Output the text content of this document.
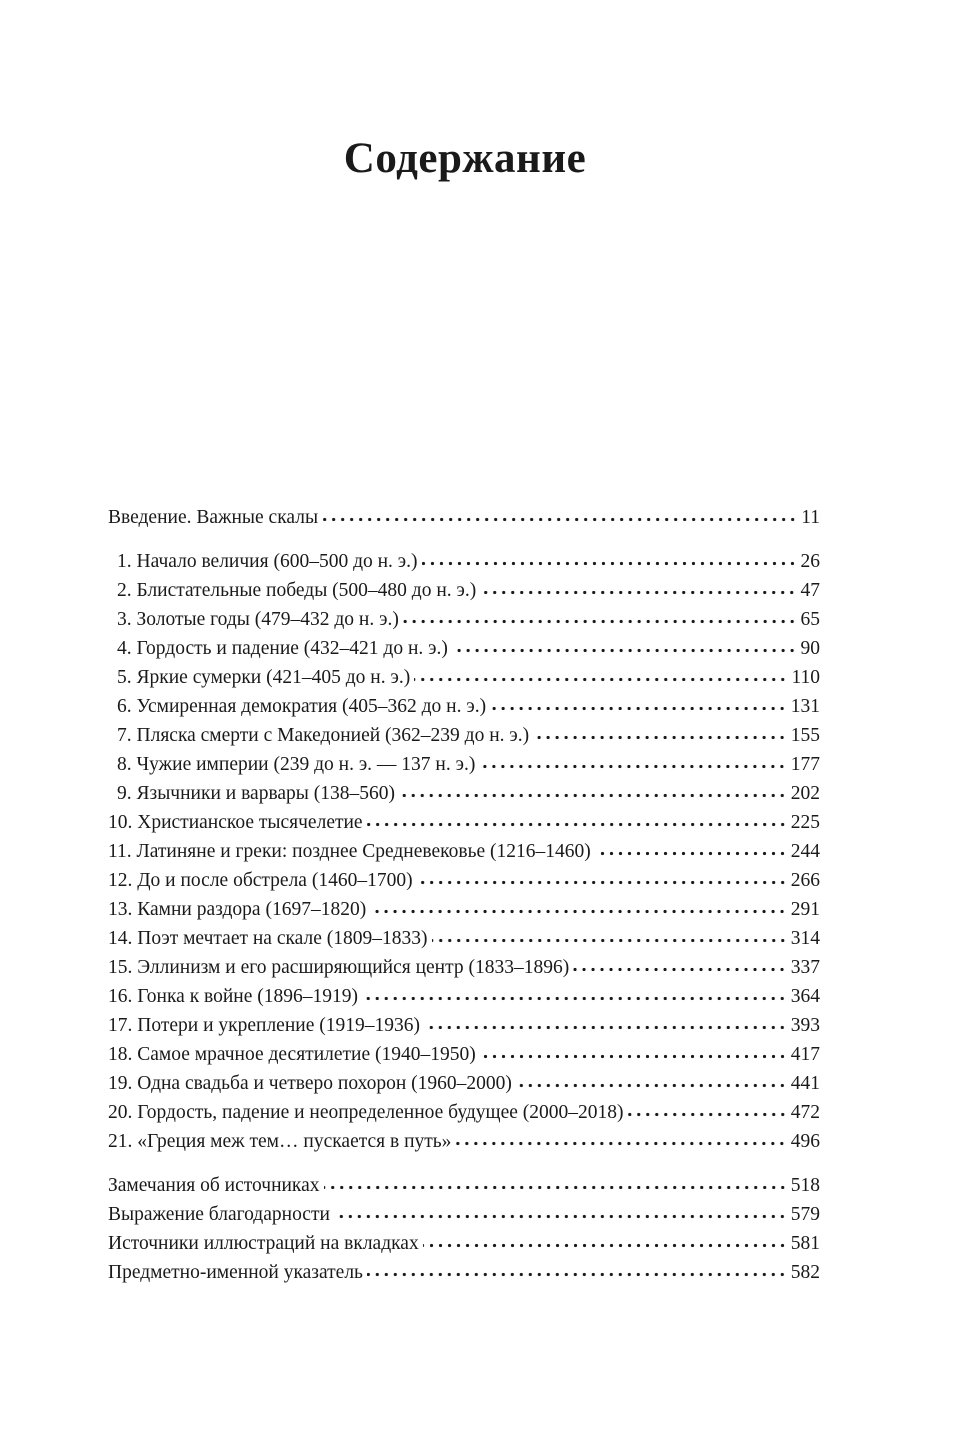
Содержание
Введение. Важные скалы	11
1. Начало величия (600–500 до н. э.)	26
2. Блистательные победы (500–480 до н. э.)	47
3. Золотые годы (479–432 до н. э.)	65
4. Гордость и падение (432–421 до н. э.)	90
5. Яркие сумерки (421–405 до н. э.)	110
6. Усмиренная демократия (405–362 до н. э.)	131
7. Пляска смерти с Македонией (362–239 до н. э.)	155
8. Чужие империи (239 до н. э. — 137 н. э.)	177
9. Язычники и варвары (138–560)	202
10. Христианское тысячелетие	225
11. Латиняне и греки: позднее Средневековье (1216–1460)	244
12. До и после обстрела (1460–1700)	266
13. Камни раздора (1697–1820)	291
14. Поэт мечтает на скале (1809–1833)	314
15. Эллинизм и его расширяющийся центр (1833–1896)	337
16. Гонка к войне (1896–1919)	364
17. Потери и укрепление (1919–1936)	393
18. Самое мрачное десятилетие (1940–1950)	417
19. Одна свадьба и четверо похорон (1960–2000)	441
20. Гордость, падение и неопределенное будущее (2000–2018)	472
21. «Греция меж тем… пускается в путь»	496
Замечания об источниках	518
Выражение благодарности	579
Источники иллюстраций на вкладках	581
Предметно-именной указатель	582
